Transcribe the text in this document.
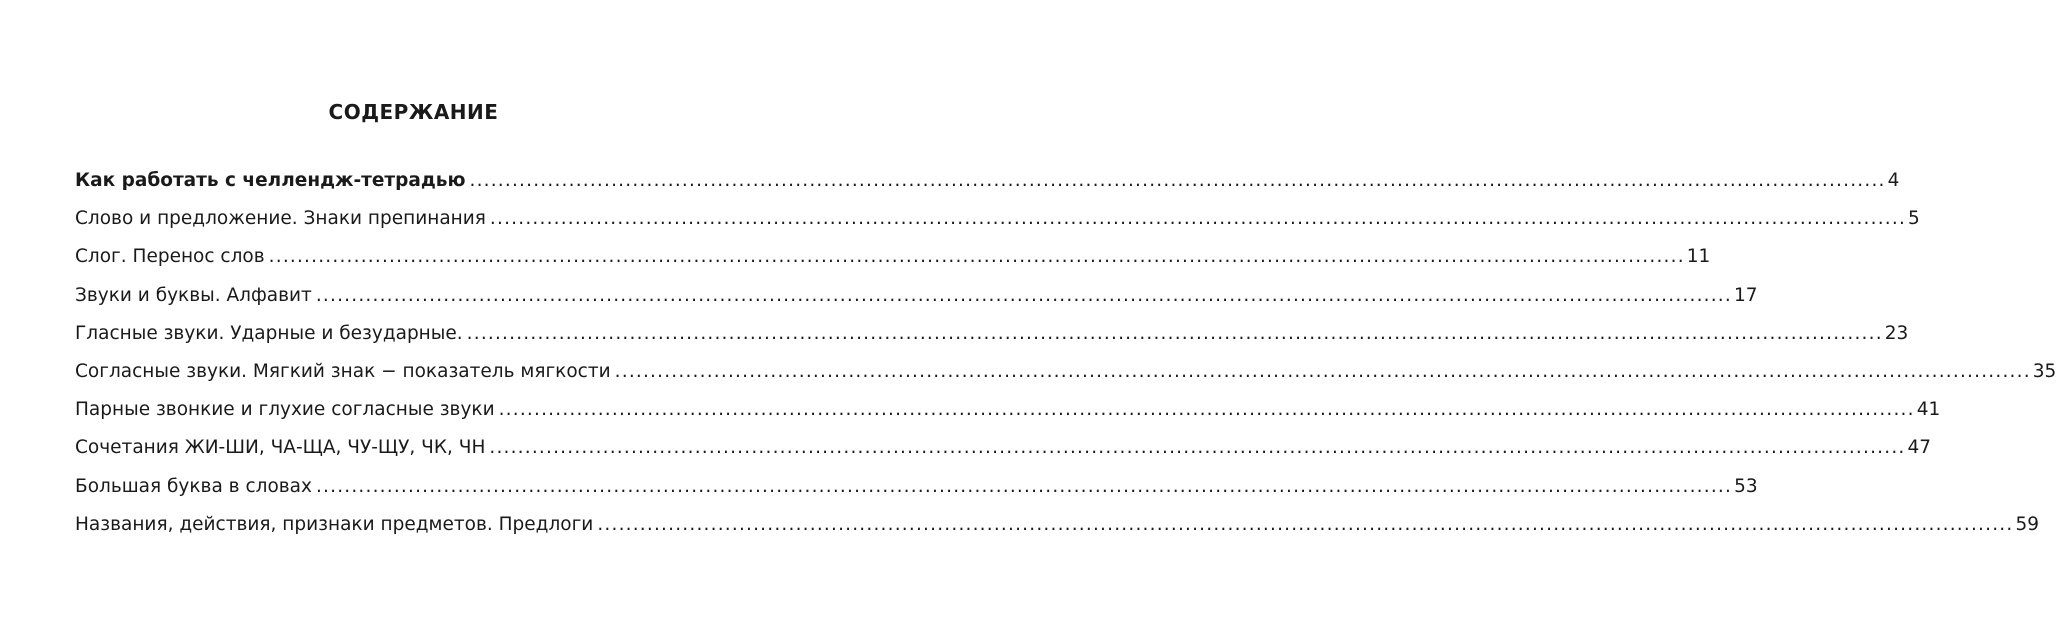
СОДЕРЖАНИЕ
Как работать с челлендж-тетрадью ........................................................................................................................................................................................................ 4
Слово и предложение. Знаки препинания ........................................................................................................................................................................................................ 5
Слог. Перенос слов ........................................................................................................................................................................................................ 11
Звуки и буквы. Алфавит ........................................................................................................................................................................................................ 17
Гласные звуки. Ударные и безударные. ........................................................................................................................................................................................................ 23
Согласные звуки. Мягкий знак − показатель мягкости ........................................................................................................................................................................................................ 35
Парные звонкие и глухие согласные звуки ........................................................................................................................................................................................................ 41
Сочетания ЖИ-ШИ, ЧА-ЩА, ЧУ-ЩУ, ЧК, ЧН ........................................................................................................................................................................................................ 47
Большая буква в словах ........................................................................................................................................................................................................ 53
Названия, действия, признаки предметов. Предлоги ........................................................................................................................................................................................................ 59
